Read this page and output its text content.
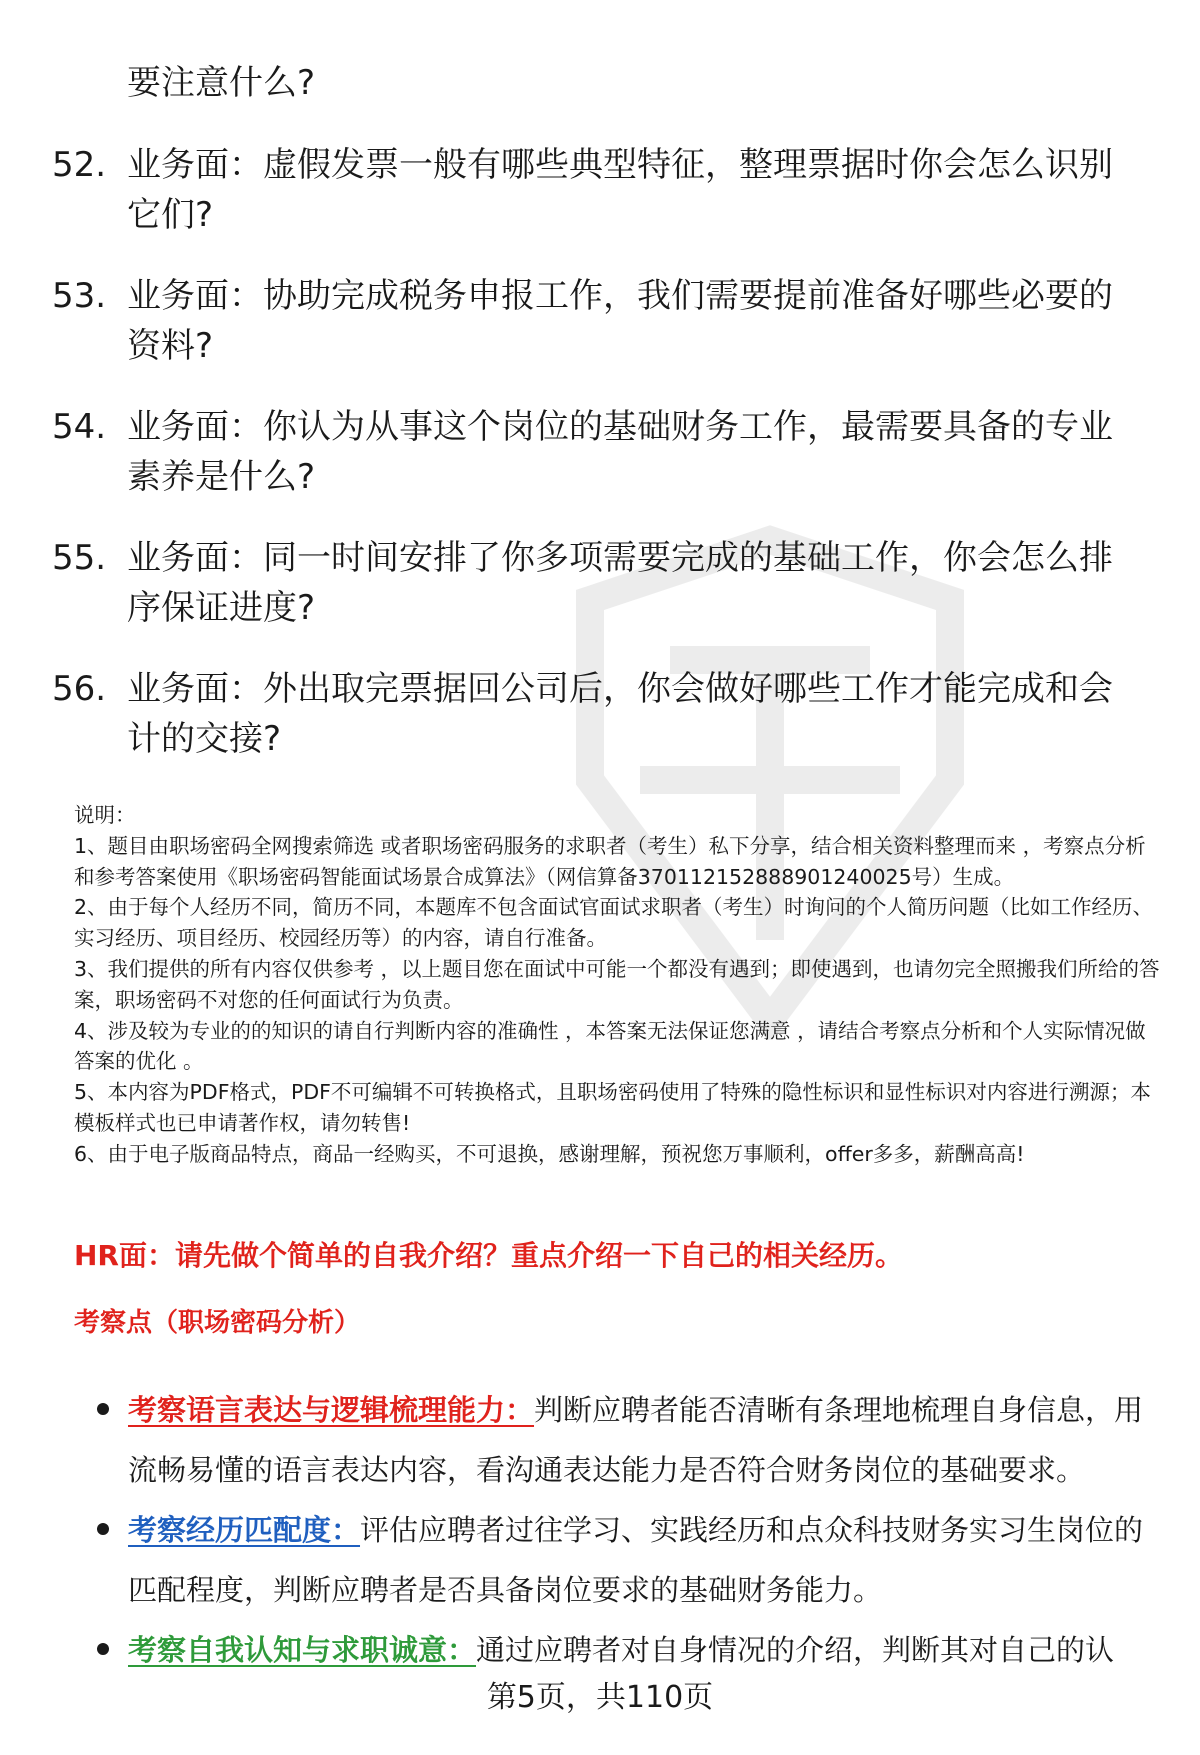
要注意什么?
52. 业务面：虚假发票一般有哪些典型特征，整理票据时你会怎么识别它们?
53. 业务面：协助完成税务申报工作，我们需要提前准备好哪些必要的资料?
54. 业务面：你认为从事这个岗位的基础财务工作，最需要具备的专业素养是什么?
55. 业务面：同一时间安排了你多项需要完成的基础工作，你会怎么排序保证进度?
56. 业务面：外出取完票据回公司后，你会做好哪些工作才能完成和会计的交接?

说明：

1、题目由职场密码全网搜索筛选 或者职场密码服务的求职者（考生）私下分享，结合相关资料整理而来 ，考察点分析和参考答案使用《职场密码智能面试场景合成算法》（网信算备370112152888901240025号）生成。

2、由于每个人经历不同，简历不同，本题库不包含面试官面试求职者（考生）时询问的个人简历问题（比如工作经历、实习经历、项目经历、校园经历等）的内容，请自行准备。

3、我们提供的所有内容仅供参考 ，以上题目您在面试中可能一个都没有遇到；即使遇到，也请勿完全照搬我们所给的答案，职场密码不对您的任何面试行为负责。

4、涉及较为专业的的知识的请自行判断内容的准确性 ，本答案无法保证您满意 ，请结合考察点分析和个人实际情况做答案的优化 。

5、本内容为PDF格式，PDF不可编辑不可转换格式，且职场密码使用了特殊的隐性标识和显性标识对内容进行溯源；本模板样式也已申请著作权，请勿转售!

6、由于电子版商品特点，商品一经购买，不可退换，感谢理解，预祝您万事顺利，offer多多，薪酬高高!

HR面：请先做个简单的自我介绍？重点介绍一下自己的相关经历。
考察点（职场密码分析）
考察语言表达与逻辑梳理能力：判断应聘者能否清晰有条理地梳理自身信息，用流畅易懂的语言表达内容，看沟通表达能力是否符合财务岗位的基础要求。
考察经历匹配度：评估应聘者过往学习、实践经历和点众科技财务实习生岗位的匹配程度，判断应聘者是否具备岗位要求的基础财务能力。
考察自我认知与求职诚意：通过应聘者对自身情况的介绍，判断其对自己的认
第5页，共110页
